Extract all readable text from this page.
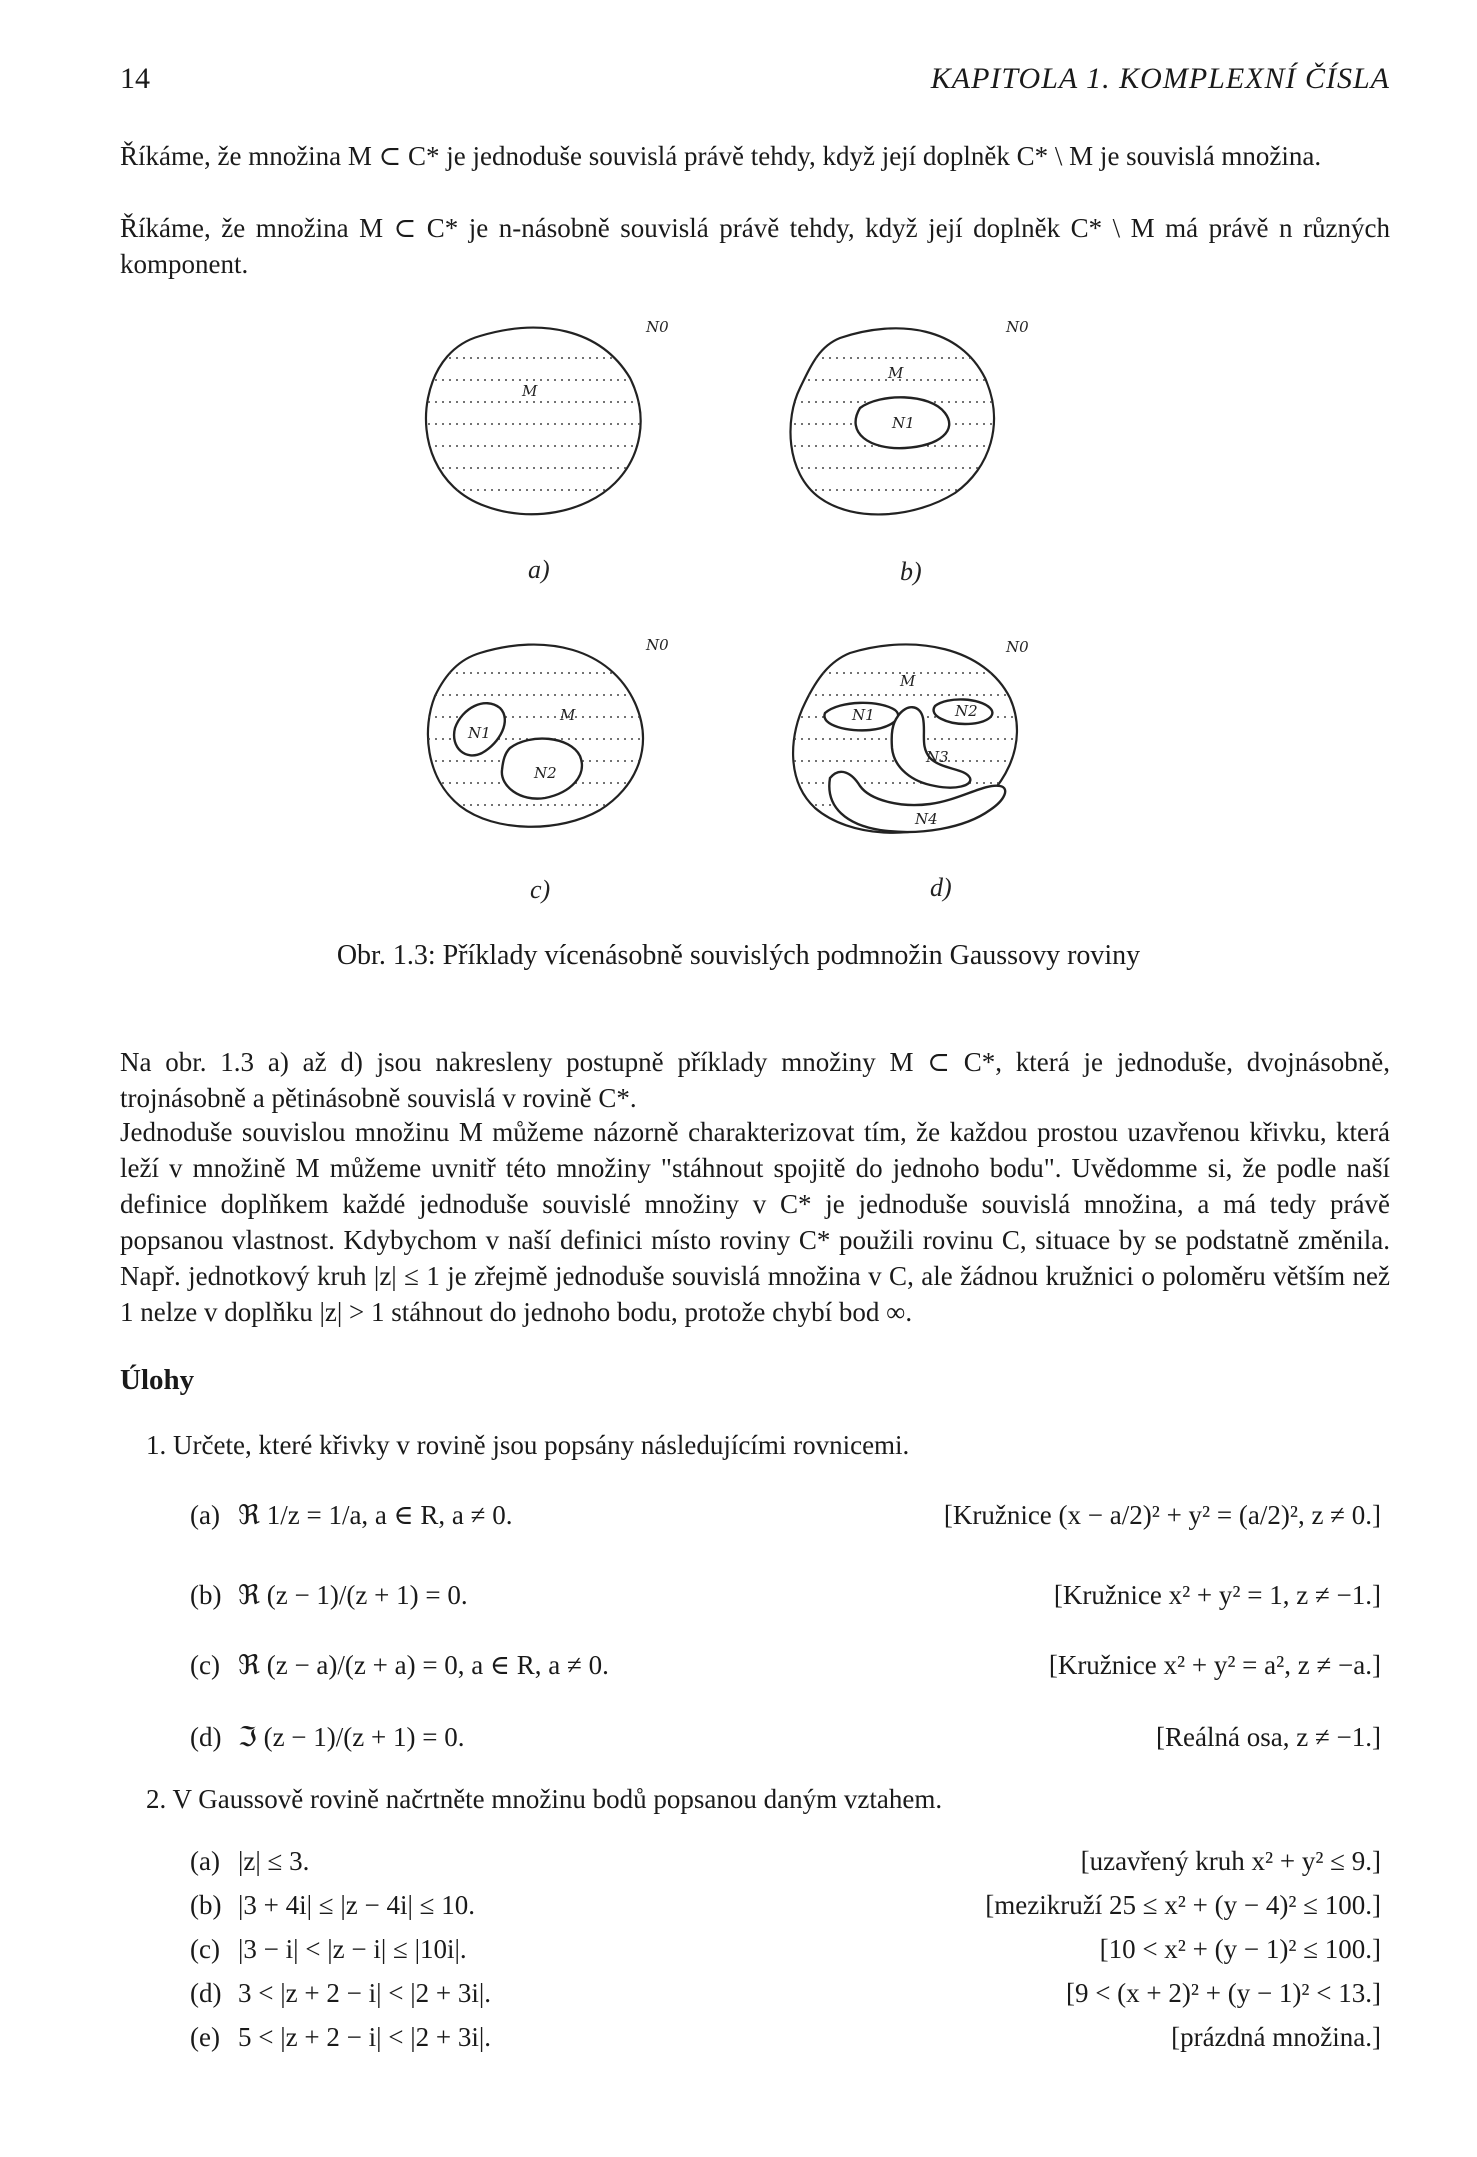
14	KAPITOLA 1. KOMPLEXNÍ ČÍSLA
Říkáme, že množina M ⊂ C* je jednoduše souvislá právě tehdy, když její doplněk C* \ M je souvislá množina.
Říkáme, že množina M ⊂ C* je n-násobně souvislá právě tehdy, když její doplněk C* \ M má právě n různých komponent.
N0
M
a)
N0
M
N1
b)
N0
M
N1
N2
c)
N0
M
N1	N2
N3
N4
d)
Obr. 1.3: Příklady vícenásobně souvislých podmnožin Gaussovy roviny
Na obr. 1.3 a) až d) jsou nakresleny postupně příklady množiny M ⊂ C*, která je jednoduše, dvojnásobně, trojnásobně a pětinásobně souvislá v rovině C*.
Jednoduše souvislou množinu M můžeme názorně charakterizovat tím, že každou prostou uzavřenou křivku, která leží v množině M můžeme uvnitř této množiny "stáhnout spojitě do jednoho bodu". Uvědomme si, že podle naší definice doplňkem každé jednoduše souvislé množiny v C* je jednoduše souvislá množina, a má tedy právě popsanou vlastnost. Kdybychom v naší definici místo roviny C* použili rovinu C, situace by se podstatně změnila. Např. jednotkový kruh |z| ≤ 1 je zřejmě jednoduše souvislá množina v C, ale žádnou kružnici o poloměru větším než 1 nelze v doplňku |z| > 1 stáhnout do jednoho bodu, protože chybí bod ∞.
Úlohy
1. Určete, které křivky v rovině jsou popsány následujícími rovnicemi.
(a) ℜ 1/z = 1/a, a ∈ R, a ≠ 0.	[Kružnice (x − a/2)² + y² = (a/2)², z ≠ 0.]
(b) ℜ (z − 1)/(z + 1) = 0.	[Kružnice x² + y² = 1, z ≠ −1.]
(c) ℜ (z − a)/(z + a) = 0, a ∈ R, a ≠ 0.	[Kružnice x² + y² = a², z ≠ −a.]
(d) ℑ (z − 1)/(z + 1) = 0.	[Reálná osa, z ≠ −1.]
2. V Gaussově rovině načrtněte množinu bodů popsanou daným vztahem.
(a) |z| ≤ 3.	[uzavřený kruh x² + y² ≤ 9.]
(b) |3 + 4i| ≤ |z − 4i| ≤ 10.	[mezikruží 25 ≤ x² + (y − 4)² ≤ 100.]
(c) |3 − i| < |z − i| ≤ |10i|.	[10 < x² + (y − 1)² ≤ 100.]
(d) 3 < |z + 2 − i| < |2 + 3i|.	[9 < (x + 2)² + (y − 1)² < 13.]
(e) 5 < |z + 2 − i| < |2 + 3i|.	[prázdná množina.]
